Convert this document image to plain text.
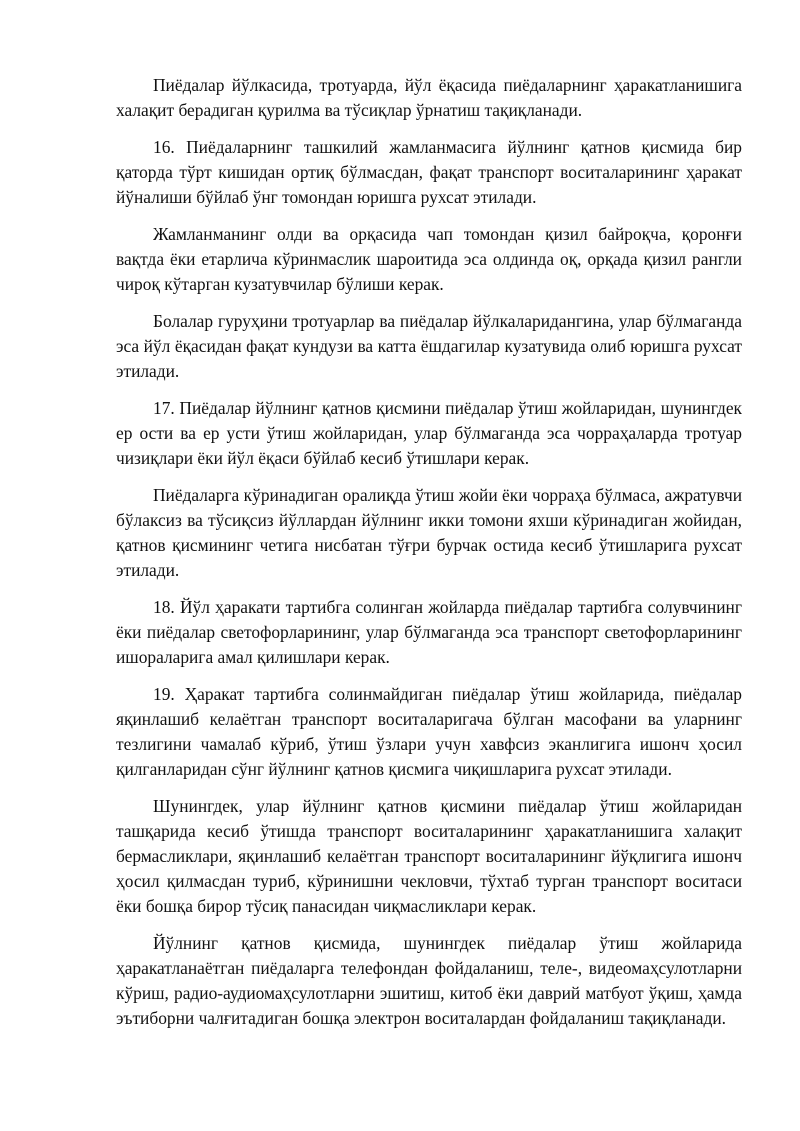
Пиёдалар йўлкасида, тротуарда, йўл ёқасида пиёдаларнинг ҳаракатланишига халақит берадиган қурилма ва тўсиқлар ўрнатиш тақиқланади.

16. Пиёдаларнинг ташкилий жамланмасига йўлнинг қатнов қисмида бир қаторда тўрт кишидан ортиқ бўлмасдан, фақат транспорт воситаларининг ҳаракат йўналиши бўйлаб ўнг томондан юришга рухсат этилади.

Жамланманинг олди ва орқасида чап томондан қизил байроқча, қоронғи вақтда ёки етарлича кўринмаслик шароитида эса олдинда оқ, орқада қизил рангли чироқ кўтарган кузатувчилар бўлиши керак.

Болалар гуруҳини тротуарлар ва пиёдалар йўлкаларидангина, улар бўлмаганда эса йўл ёқасидан фақат кундузи ва катта ёшдагилар кузатувида олиб юришга рухсат этилади.

17. Пиёдалар йўлнинг қатнов қисмини пиёдалар ўтиш жойларидан, шунингдек ер ости ва ер усти ўтиш жойларидан, улар бўлмаганда эса чорраҳаларда тротуар чизиқлари ёки йўл ёқаси бўйлаб кесиб ўтишлари керак.

Пиёдаларга кўринадиган оралиқда ўтиш жойи ёки чорраҳа бўлмаса, ажратувчи бўлаксиз ва тўсиқсиз йўллардан йўлнинг икки томони яхши кўринадиган жойидан, қатнов қисмининг четига нисбатан тўғри бурчак остида кесиб ўтишларига рухсат этилади.

18. Йўл ҳаракати тартибга солинган жойларда пиёдалар тартибга солувчининг ёки пиёдалар светофорларининг, улар бўлмаганда эса транспорт светофорларининг ишораларига амал қилишлари керак.

19. Ҳаракат тартибга солинмайдиган пиёдалар ўтиш жойларида, пиёдалар яқинлашиб келаётган транспорт воситаларигача бўлган масофани ва уларнинг тезлигини чамалаб кўриб, ўтиш ўзлари учун хавфсиз эканлигига ишонч ҳосил қилганларидан сўнг йўлнинг қатнов қисмига чиқишларига рухсат этилади.

Шунингдек, улар йўлнинг қатнов қисмини пиёдалар ўтиш жойларидан ташқарида кесиб ўтишда транспорт воситаларининг ҳаракатланишига халақит бермасликлари, яқинлашиб келаётган транспорт воситаларининг йўқлигига ишонч ҳосил қилмасдан туриб, кўринишни чекловчи, тўхтаб турган транспорт воситаси ёки бошқа бирор тўсиқ панасидан чиқмасликлари керак.

Йўлнинг қатнов қисмида, шунингдек пиёдалар ўтиш жойларида ҳаракатланаётган пиёдаларга телефондан фойдаланиш, теле-, видеомаҳсулотларни кўриш, радио-аудиомаҳсулотларни эшитиш, китоб ёки даврий матбуот ўқиш, ҳамда эътиборни чалғитадиган бошқа электрон воситалардан фойдаланиш тақиқланади.
